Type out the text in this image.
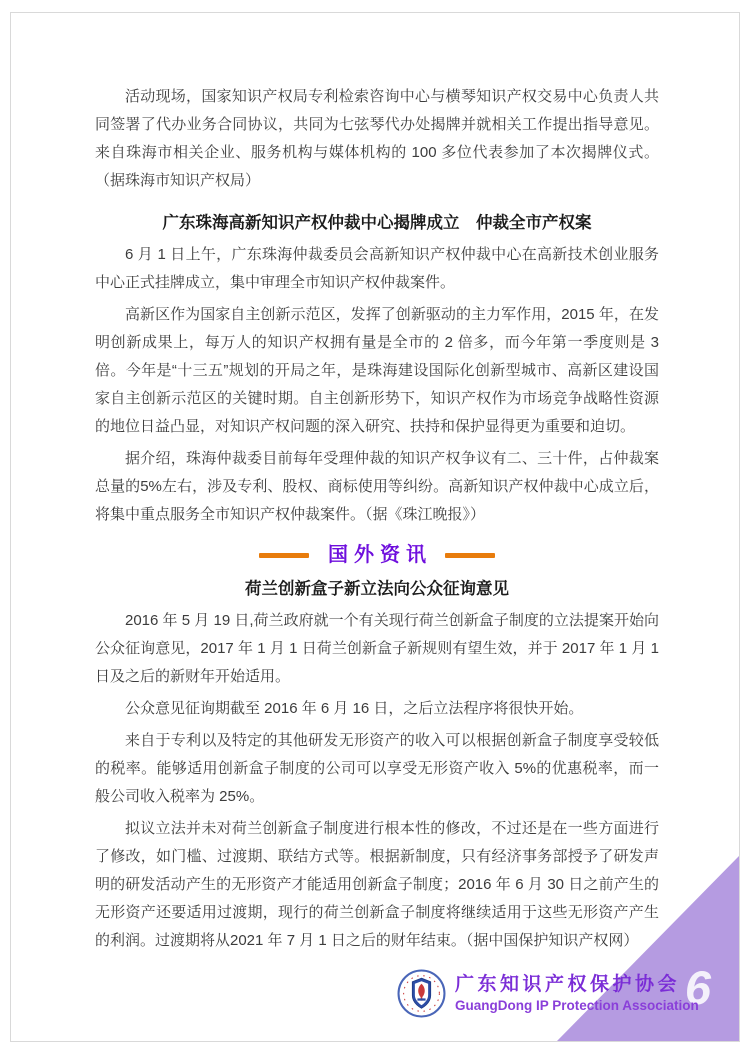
6

活动现场，国家知识产权局专利检索咨询中心与横琴知识产权交易中心负责人共同签署了代办业务合同协议，共同为七弦琴代办处揭牌并就相关工作提出指导意见。来自珠海市相关企业、服务机构与媒体机构的 100 多位代表参加了本次揭牌仪式。（据珠海市知识产权局）

广东珠海高新知识产权仲裁中心揭牌成立　仲裁全市产权案

6 月 1 日上午，广东珠海仲裁委员会高新知识产权仲裁中心在高新技术创业服务中心正式挂牌成立，集中审理全市知识产权仲裁案件。

高新区作为国家自主创新示范区，发挥了创新驱动的主力军作用，2015 年，在发明创新成果上，每万人的知识产权拥有量是全市的 2 倍多，而今年第一季度则是 3 倍。今年是“十三五”规划的开局之年，是珠海建设国际化创新型城市、高新区建设国家自主创新示范区的关键时期。自主创新形势下，知识产权作为市场竞争战略性资源的地位日益凸显，对知识产权问题的深入研究、扶持和保护显得更为重要和迫切。

据介绍，珠海仲裁委目前每年受理仲裁的知识产权争议有二、三十件，占仲裁案总量的5%左右，涉及专利、股权、商标使用等纠纷。高新知识产权仲裁中心成立后，将集中重点服务全市知识产权仲裁案件。（据《珠江晚报》）

国外资讯
荷兰创新盒子新立法向公众征询意见

2016 年 5 月 19 日,荷兰政府就一个有关现行荷兰创新盒子制度的立法提案开始向公众征询意见，2017 年 1 月 1 日荷兰创新盒子新规则有望生效，并于 2017 年 1 月 1 日及之后的新财年开始适用。

公众意见征询期截至 2016 年 6 月 16 日，之后立法程序将很快开始。

来自于专利以及特定的其他研发无形资产的收入可以根据创新盒子制度享受较低的税率。能够适用创新盒子制度的公司可以享受无形资产收入 5%的优惠税率，而一般公司收入税率为 25%。

拟议立法并未对荷兰创新盒子制度进行根本性的修改，不过还是在一些方面进行了修改，如门槛、过渡期、联结方式等。根据新制度，只有经济事务部授予了研发声明的研发活动产生的无形资产才能适用创新盒子制度；2016 年 6 月 30 日之前产生的无形资产还要适用过渡期，现行的荷兰创新盒子制度将继续适用于这些无形资产产生的利润。过渡期将从2021 年 7 月 1 日之后的财年结束。（据中国保护知识产权网）

广东知识产权保护协会
GuangDong IP Protection Association
